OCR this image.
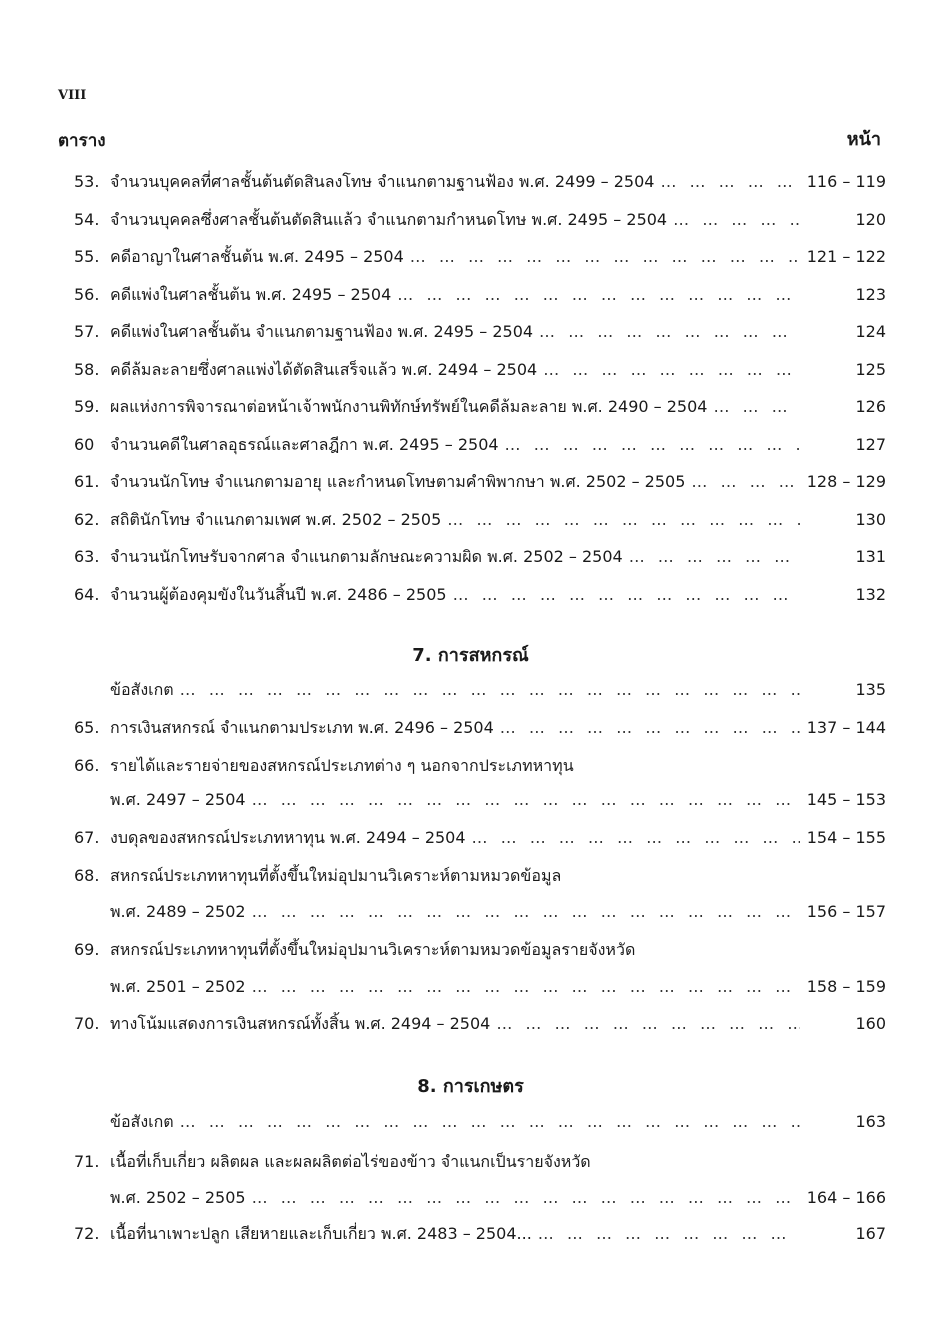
VIII
ตาราง	หน้า
53. จำนวนบุคคลที่ศาลชั้นต้นตัดสินลงโทษ จำแนกตามฐานฟ้อง พ.ศ. 2499 – 2504 … … … … … … … … … … … … … … … … … … … … … … … … … … … … … …	116 – 119
54. จำนวนบุคคลซึ่งศาลชั้นต้นตัดสินแล้ว จำแนกตามกำหนดโทษ พ.ศ. 2495 – 2504 … … … … … … … … … … … … … … … … … … … … … … … … … … … … … …	120
55. คดีอาญาในศาลชั้นต้น พ.ศ. 2495 – 2504 … … … … … … … … … … … … … … … … … … … … … … … … … … … … … …	121 – 122
56. คดีแพ่งในศาลชั้นต้น พ.ศ. 2495 – 2504 … … … … … … … … … … … … … … … … … … … … … … … … … … … … … …	123
57. คดีแพ่งในศาลชั้นต้น จำแนกตามฐานฟ้อง พ.ศ. 2495 – 2504 … … … … … … … … … … … … … … … … … … … … … … … … … … … … … …	124
58. คดีล้มละลายซึ่งศาลแพ่งได้ตัดสินเสร็จแล้ว พ.ศ. 2494 – 2504 … … … … … … … … … … … … … … … … … … … … … … … … … … … … … …	125
59. ผลแห่งการพิจารณาต่อหน้าเจ้าพนักงานพิทักษ์ทรัพย์ในคดีล้มละลาย พ.ศ. 2490 – 2504 … … … … … … … … … … … … … … … … … … … … … … … … … … … … … …	126
60 จำนวนคดีในศาลอุธรณ์และศาลฎีกา พ.ศ. 2495 – 2504 … … … … … … … … … … … … … … … … … … … … … … … … … … … … … …	127
61. จำนวนนักโทษ จำแนกตามอายุ และกำหนดโทษตามคำพิพากษา พ.ศ. 2502 – 2505 … … … … … … … … … … … … … … … … … … … … … … … … … … … … … …	128 – 129
62. สถิตินักโทษ จำแนกตามเพศ พ.ศ. 2502 – 2505 … … … … … … … … … … … … … … … … … … … … … … … … … … … … … …	130
63. จำนวนนักโทษรับจากศาล จำแนกตามลักษณะความผิด พ.ศ. 2502 – 2504 … … … … … … … … … … … … … … … … … … … … … … … … … … … … … …	131
64. จำนวนผู้ต้องคุมขังในวันสิ้นปี พ.ศ. 2486 – 2505 … … … … … … … … … … … … … … … … … … … … … … … … … … … … … …	132
7. การสหกรณ์
ข้อสังเกต … … … … … … … … … … … … … … … … … … … … … … … … … … … … … …	135
65. การเงินสหกรณ์ จำแนกตามประเภท พ.ศ. 2496 – 2504 … … … … … … … … … … … … … … … … … … … … … … … … … … … … … …	137 – 144
66. รายได้และรายจ่ายของสหกรณ์ประเภทต่าง ๆ นอกจากประเภทหาทุน
พ.ศ. 2497 – 2504 … … … … … … … … … … … … … … … … … … … … … … … … … … … … … …	145 – 153
67. งบดุลของสหกรณ์ประเภทหาทุน พ.ศ. 2494 – 2504 … … … … … … … … … … … … … … … … … … … … … … … … … … … … … …	154 – 155
68. สหกรณ์ประเภทหาทุนที่ตั้งขึ้นใหม่อุปมานวิเคราะห์ตามหมวดข้อมูล
พ.ศ. 2489 – 2502 … … … … … … … … … … … … … … … … … … … … … … … … … … … … … …	156 – 157
69. สหกรณ์ประเภทหาทุนที่ตั้งขึ้นใหม่อุปมานวิเคราะห์ตามหมวดข้อมูลรายจังหวัด
พ.ศ. 2501 – 2502 … … … … … … … … … … … … … … … … … … … … … … … … … … … … … …	158 – 159
70. ทางโน้มแสดงการเงินสหกรณ์ทั้งสิ้น พ.ศ. 2494 – 2504 … … … … … … … … … … … … … … … … … … … … … … … … … … … … … …	160
8. การเกษตร
ข้อสังเกต … … … … … … … … … … … … … … … … … … … … … … … … … … … … … …	163
71. เนื้อที่เก็บเกี่ยว ผลิตผล และผลผลิตต่อไร่ของข้าว จำแนกเป็นรายจังหวัด
พ.ศ. 2502 – 2505 … … … … … … … … … … … … … … … … … … … … … … … … … … … … … …	164 – 166
72. เนื้อที่นาเพาะปลูก เสียหายและเก็บเกี่ยว พ.ศ. 2483 – 2504... … … … … … … … … … … … … … … … … … … … … … … … … … … … … … …	167
